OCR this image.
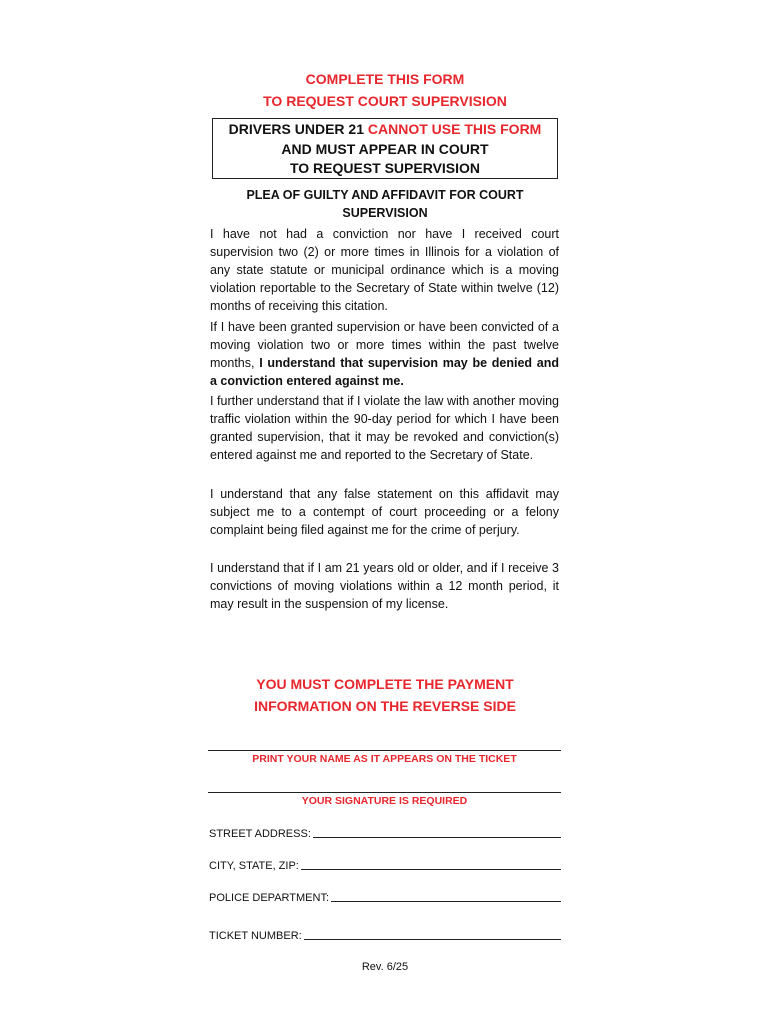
COMPLETE THIS FORM
TO REQUEST COURT SUPERVISION
DRIVERS UNDER 21 CANNOT USE THIS FORM
AND MUST APPEAR IN COURT
TO REQUEST SUPERVISION
PLEA OF GUILTY AND AFFIDAVIT FOR COURT SUPERVISION
I have not had a conviction nor have I received court supervision two (2) or more times in Illinois for a violation of any state statute or municipal ordinance which is a moving violation reportable to the Secretary of State within twelve (12) months of receiving this citation.
If I have been granted supervision or have been convicted of a moving violation two or more times within the past twelve months, I understand that supervision may be denied and a conviction entered against me.
I further understand that if I violate the law with another moving traffic violation within the 90-day period for which I have been granted supervision, that it may be revoked and conviction(s) entered against me and reported to the Secretary of State.
I understand that any false statement on this affidavit may subject me to a contempt of court proceeding or a felony complaint being filed against me for the crime of perjury.
I understand that if I am 21 years old or older, and if I receive 3 convictions of moving violations within a 12 month period, it may result in the suspension of my license.
YOU MUST COMPLETE THE PAYMENT
INFORMATION ON THE REVERSE SIDE
PRINT YOUR NAME AS IT APPEARS ON THE TICKET
YOUR SIGNATURE IS REQUIRED
STREET ADDRESS:
CITY, STATE, ZIP:
POLICE DEPARTMENT:
TICKET NUMBER:
Rev. 6/25
